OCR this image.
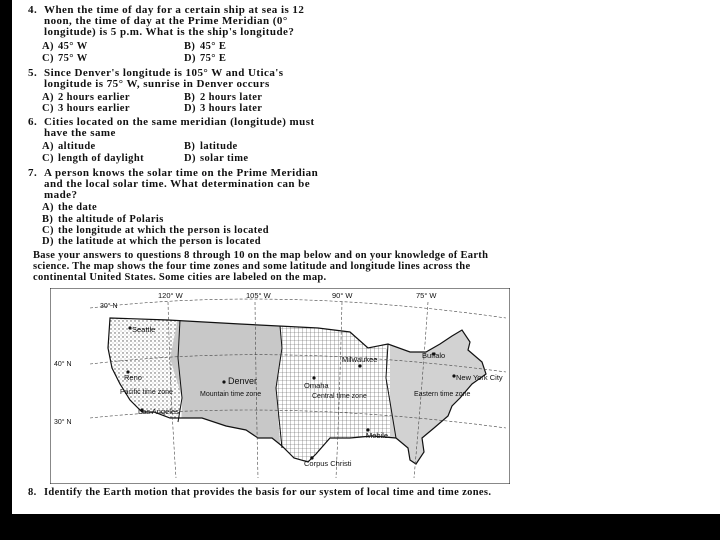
4. When the time of day for a certain ship at sea is 12
noon, the time of day at the Prime Meridian (0°
longitude) is 5 p.m. What is the ship's longitude?
A) 45° W	B) 45° E
C) 75° W	D) 75° E
5. Since Denver's longitude is 105° W and Utica's
longitude is 75° W, sunrise in Denver occurs
A) 2 hours earlier	B) 2 hours later
C) 3 hours earlier	D) 3 hours later
6. Cities located on the same meridian (longitude) must
have the same
A) altitude	B) latitude
C) length of daylight	D) solar time
7. A person knows the solar time on the Prime Meridian
and the local solar time. What determination can be
made?
A) the date
B) the altitude of Polaris
C) the longitude at which the person is located
D) the latitude at which the person is located
Base your answers to questions 8 through 10 on the map below and on your knowledge of Earth
science. The map shows the four time zones and some latitude and longitude lines across the
continental United States. Some cities are labeled on the map.
120° W	105° W	90° W	75° W
30° N
40° N
30° N
Seattle
Milwaukee	Buffalo
Omaha
Denver
Reno	New York City
Los Angeles
Mobile
Corpus Christi
Pacific time zone	Mountain time zone	Central time zone	Eastern time zone
8. Identify the Earth motion that provides the basis for our system of local time and time zones.
